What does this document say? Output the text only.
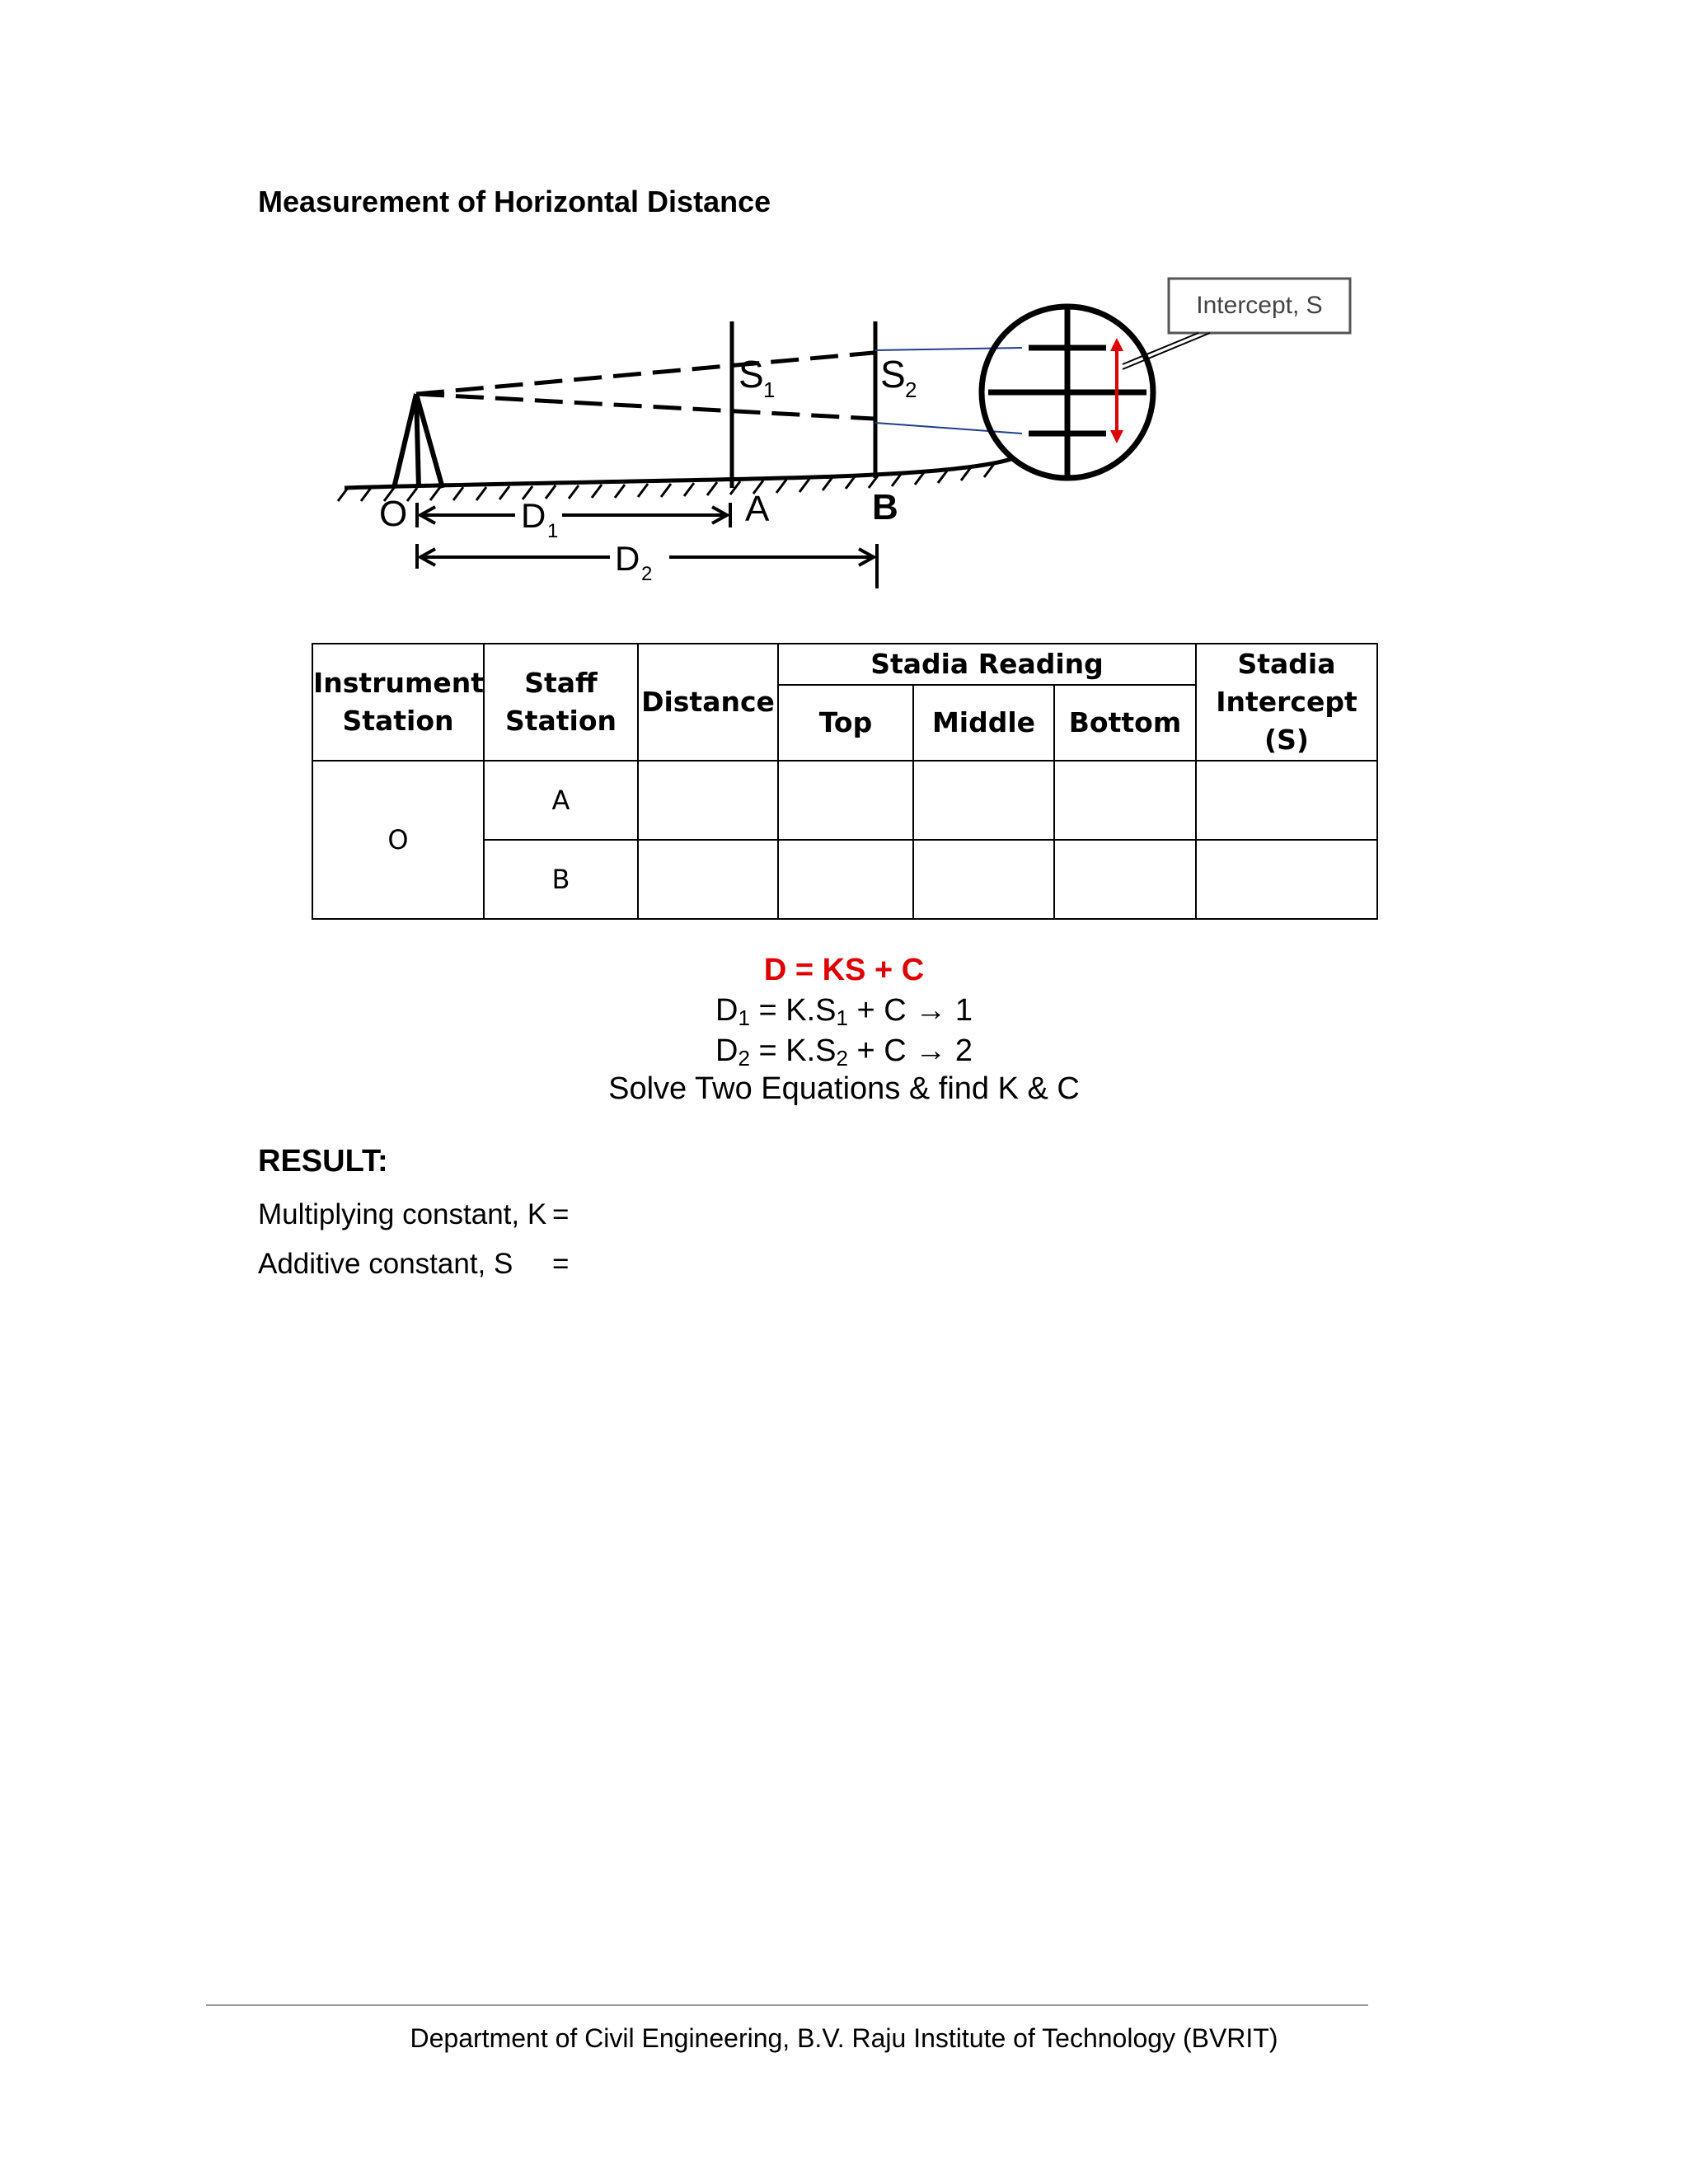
Measurement of Horizontal Distance
S 1	S 2
Intercept, S
O	A	B
D 1
D 2
Instrument Station	Staff Station	Distance	Stadia Reading			Stadia Intercept (S)
			Top	Middle	Bottom	
O	A					
	B					
D = KS + C
$D_1 = K.S_1 + C \to 1$
$D_2 = K.S_2 + C \to 2$
Solve Two Equations & find K & C
RESULT:
Multiplying constant, K =
Additive constant, S =
Department of Civil Engineering, B.V. Raju Institute of Technology (BVRIT)
